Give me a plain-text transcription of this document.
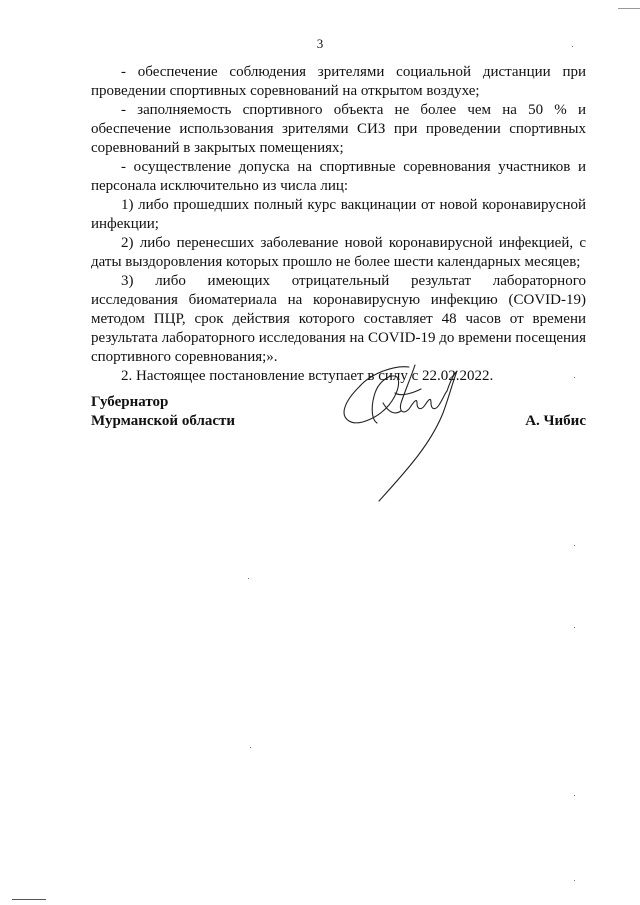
3

- обеспечение соблюдения зрителями социальной дистанции при проведении спортивных соревнований на открытом воздухе;

- заполняемость спортивного объекта не более чем на 50 % и обеспечение использования зрителями СИЗ при проведении спортивных соревнований в закрытых помещениях;

- осуществление допуска на спортивные соревнования участников и персонала исключительно из числа лиц:

1) либо прошедших полный курс вакцинации от новой коронавирусной инфекции;

2) либо перенесших заболевание новой коронавирусной инфекцией, с даты выздоровления которых прошло не более шести календарных месяцев;

3) либо имеющих отрицательный результат лабораторного исследования биоматериала на коронавирусную инфекцию (COVID-19) методом ПЦР, срок действия которого составляет 48 часов от времени результата лабораторного исследования на COVID-19 до времени посещения спортивного соревнования;».

2. Настоящее постановление вступает в силу с 22.02.2022.

Губернатор
Мурманской области	А. Чибис
